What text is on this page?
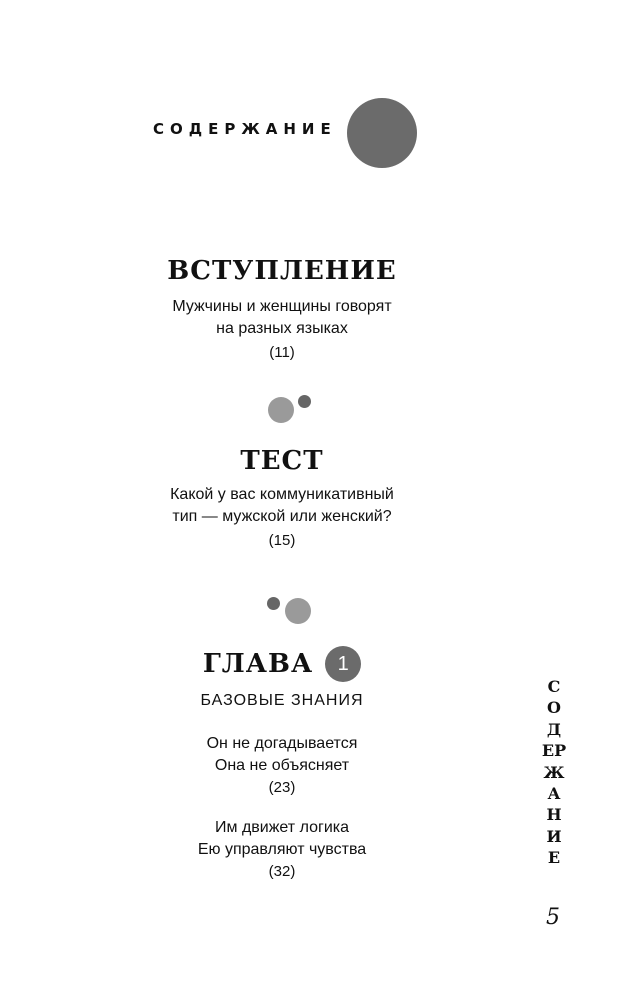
СОДЕРЖАНИЕ
ВСТУПЛЕНИЕ
Мужчины и женщины говорят
на разных языках
(11)
ТЕСТ
Какой у вас коммуникативный
тип — мужской или женский?
(15)
ГЛАВА	1
БАЗОВЫЕ ЗНАНИЯ
Он не догадывается
Она не объясняет
(23)
Им движет логика
Ею управляют чувства
(32)
СОДЕРЖАНИЕ
5
